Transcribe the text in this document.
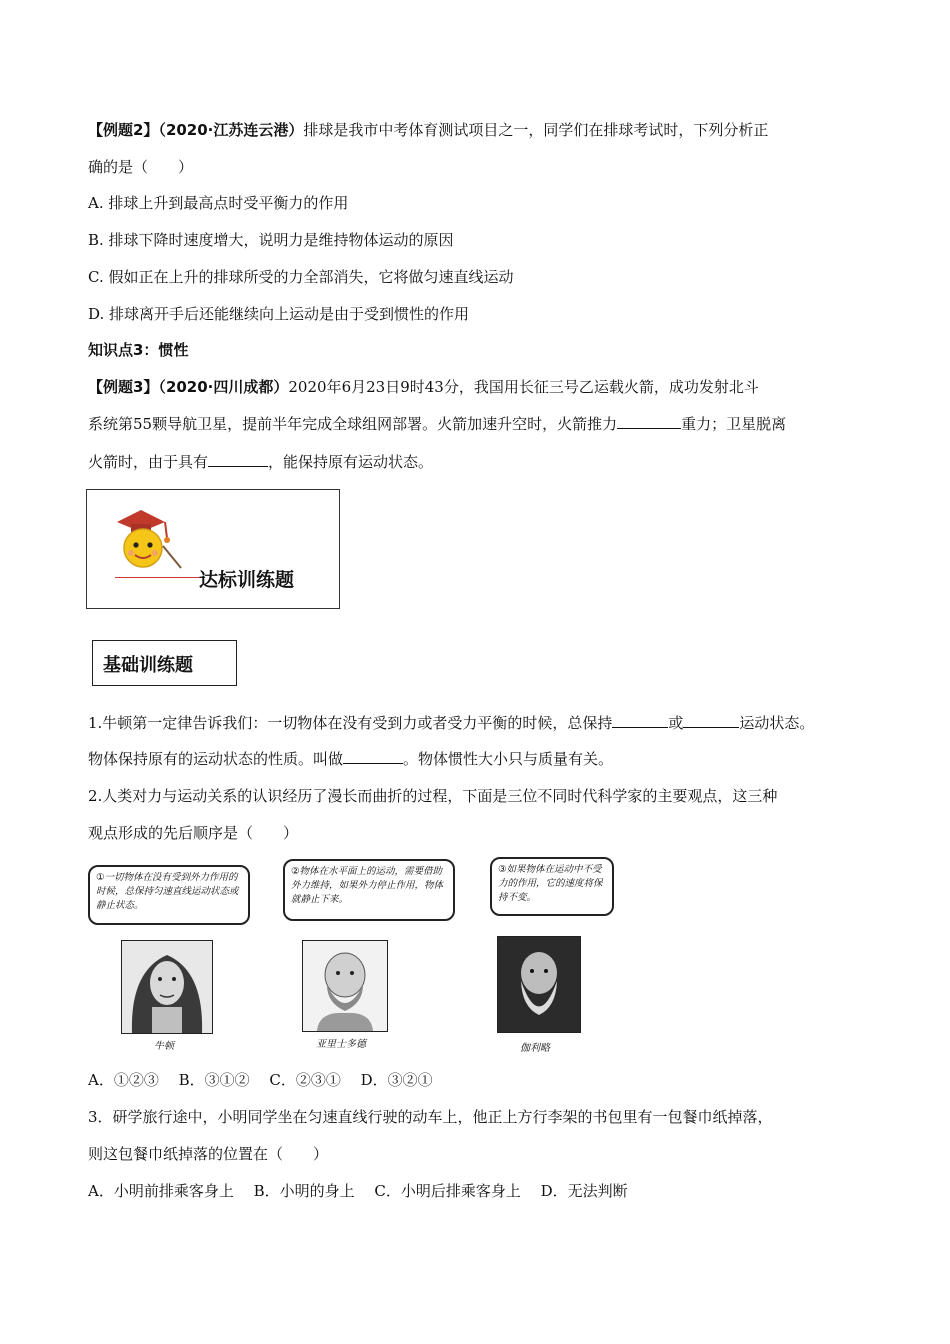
【例题2】（2020·江苏连云港）排球是我市中考体育测试项目之一，同学们在排球考试时，下列分析正
确的是（　　）
A. 排球上升到最高点时受平衡力的作用
B. 排球下降时速度增大，说明力是维持物体运动的原因
C. 假如正在上升的排球所受的力全部消失，它将做匀速直线运动
D. 排球离开手后还能继续向上运动是由于受到惯性的作用
知识点3：惯性
【例题3】（2020·四川成都）2020年6月23日9时43分，我国用长征三号乙运载火箭，成功发射北斗
系统第55颗导航卫星，提前半年完成全球组网部署。火箭加速升空时，火箭推力	重力；卫星脱离
火箭时，由于具有	，能保持原有运动状态。
达标训练题
基础训练题
1.牛顿第一定律告诉我们：一切物体在没有受到力或者受力平衡的时候，总保持	或	运动状态。
物体保持原有的运动状态的性质。叫做	。物体惯性大小只与质量有关。
2.人类对力与运动关系的认识经历了漫长而曲折的过程，下面是三位不同时代科学家的主要观点，这三种
观点形成的先后顺序是（　　）
①一切物体在没有受到外力作用的时候，总保持匀速直线运动状态或静止状态。
②物体在水平面上的运动，需要借助外力维持，如果外力停止作用，物体就静止下来。
③如果物体在运动中不受力的作用，它的速度将保持不变。
牛顿	亚里士多德	伽利略
A．①②③　 B．③①②　 C．②③①　 D．③②①
3．研学旅行途中，小明同学坐在匀速直线行驶的动车上，他正上方行李架的书包里有一包餐巾纸掉落，
则这包餐巾纸掉落的位置在（　　）
A．小明前排乘客身上　 B．小明的身上　 C．小明后排乘客身上　 D．无法判断
